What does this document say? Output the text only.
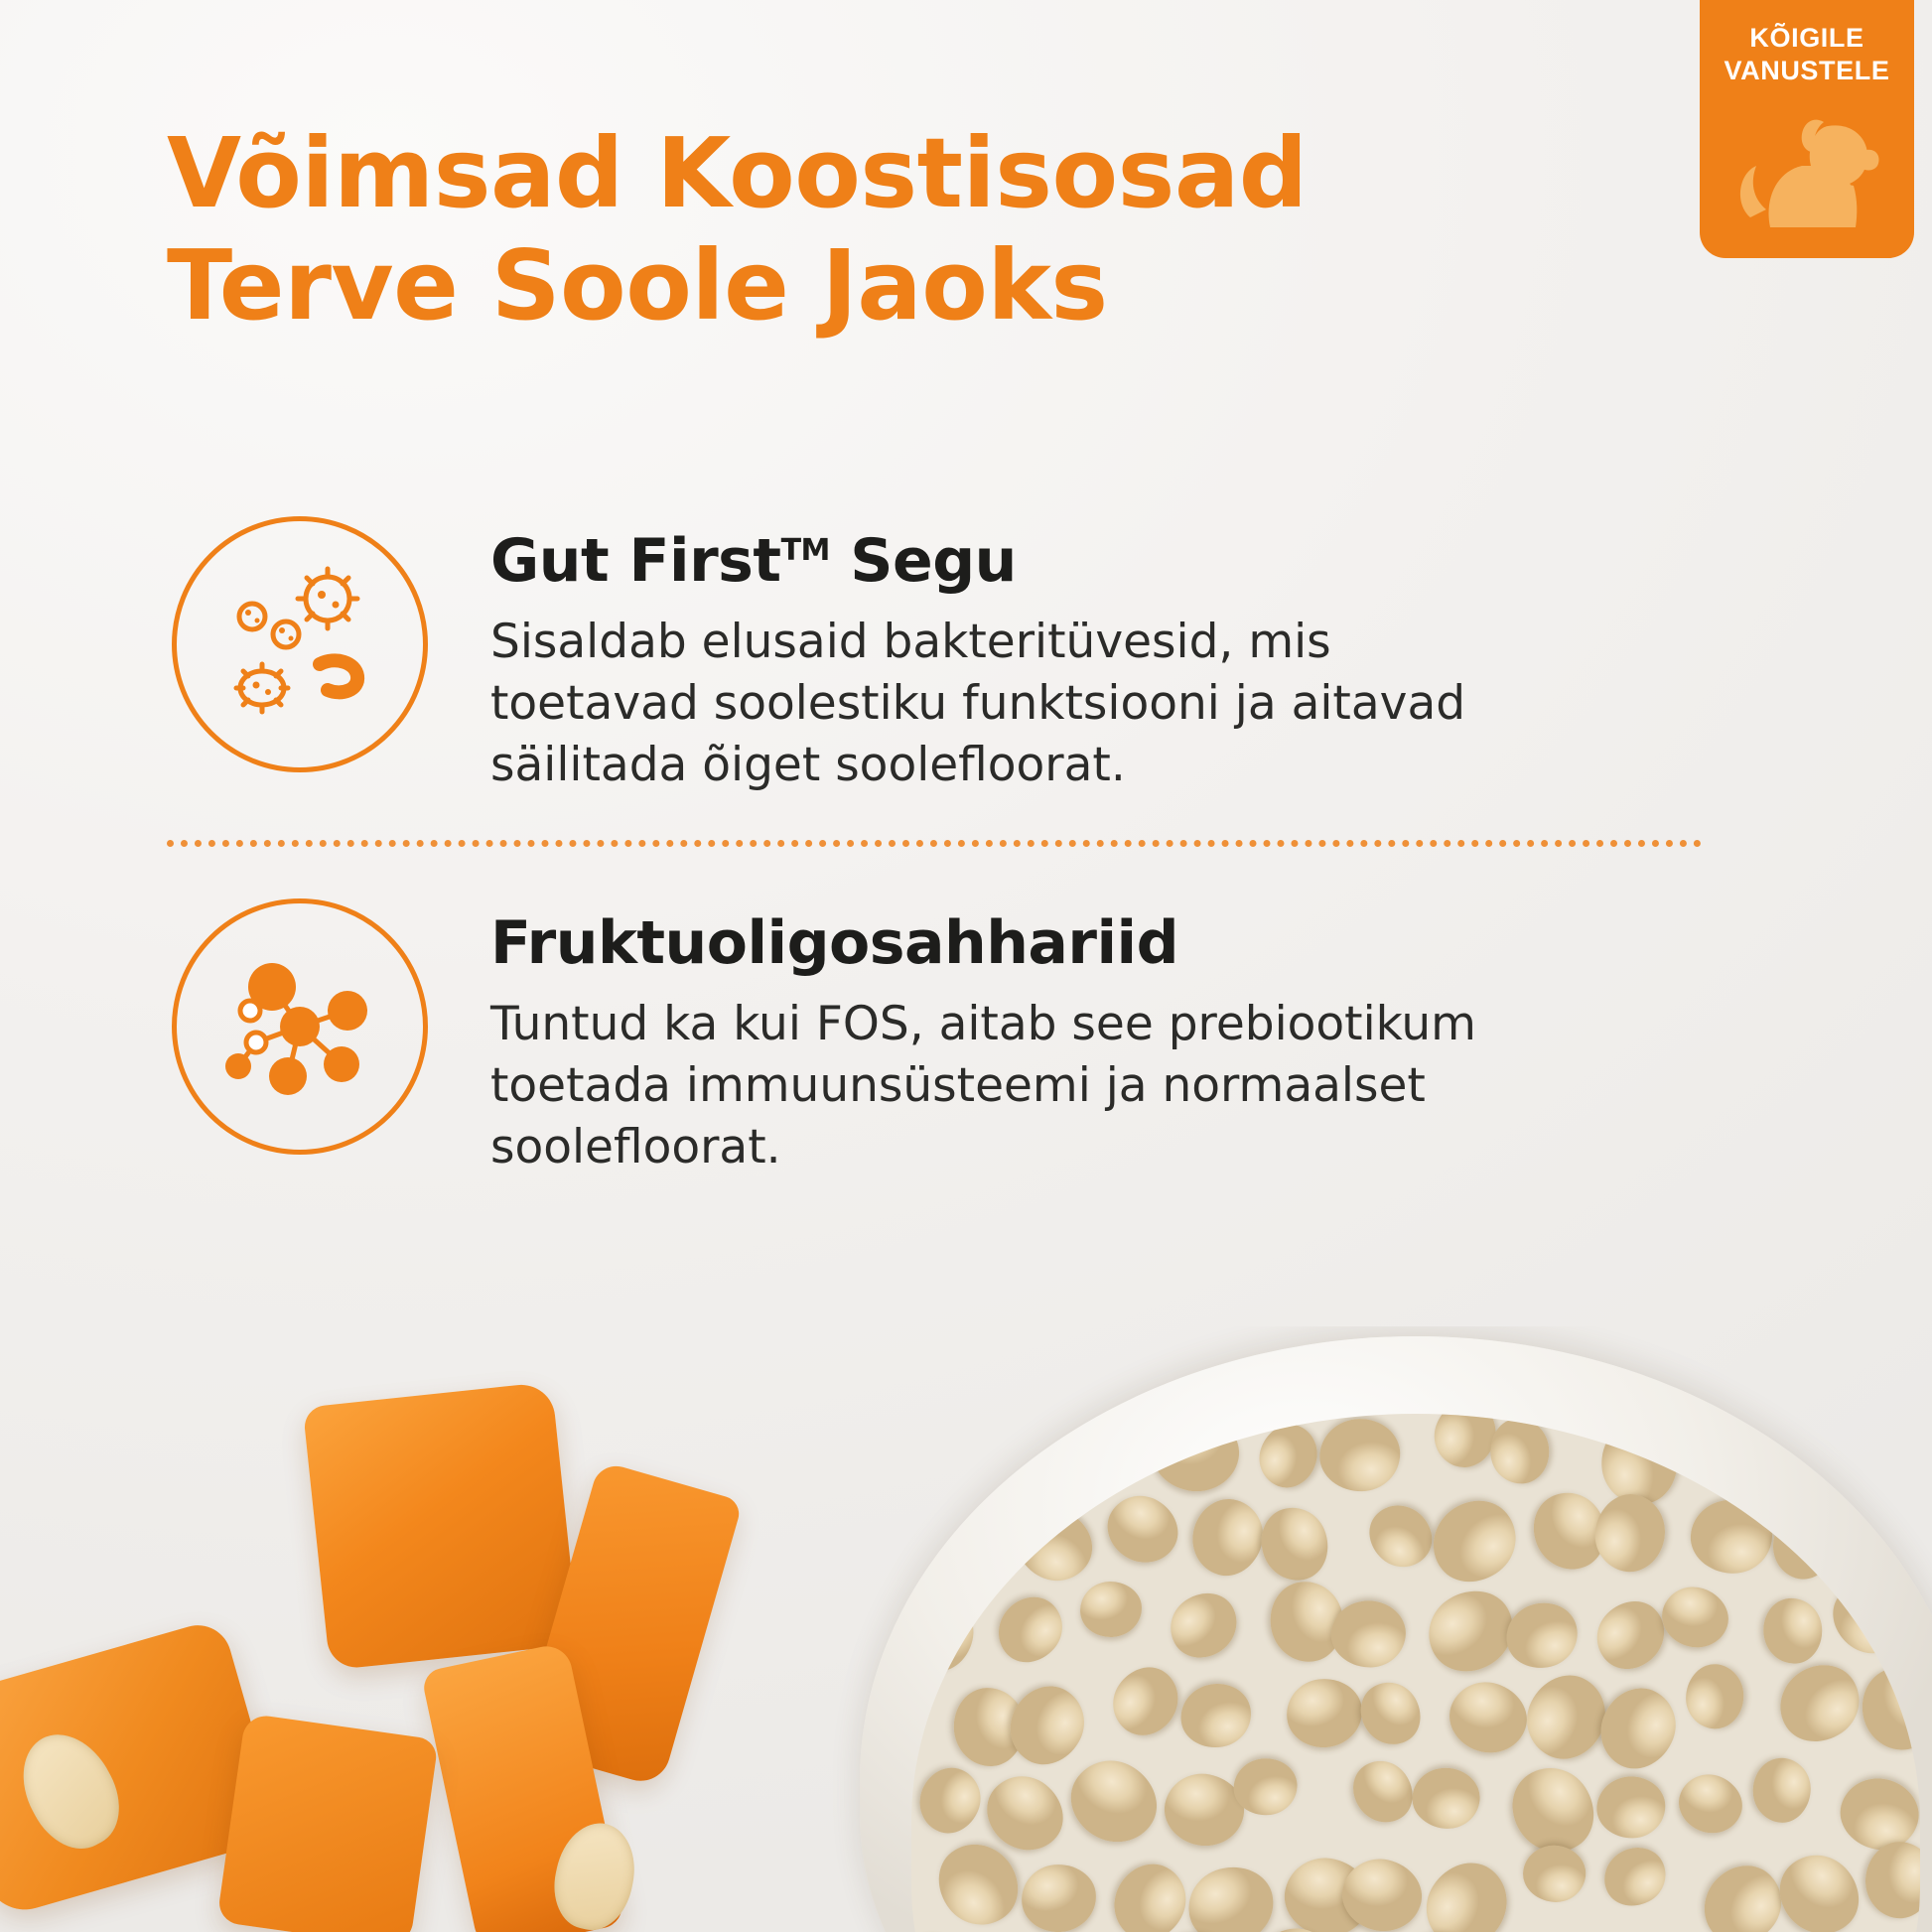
KÕIGILE
VANUSTELE
Võimsad Koostisosad
Terve Soole Jaoks
Gut First™ Segu

Sisaldab elusaid bakteritüvesid, mis toetavad soolestiku funktsiooni ja aitavad säilitada õiget soolefloorat.

Fruktuoligosahhariid

Tuntud ka kui FOS, aitab see prebiootikum toetada immuunsüsteemi ja normaalset soolefloorat.
